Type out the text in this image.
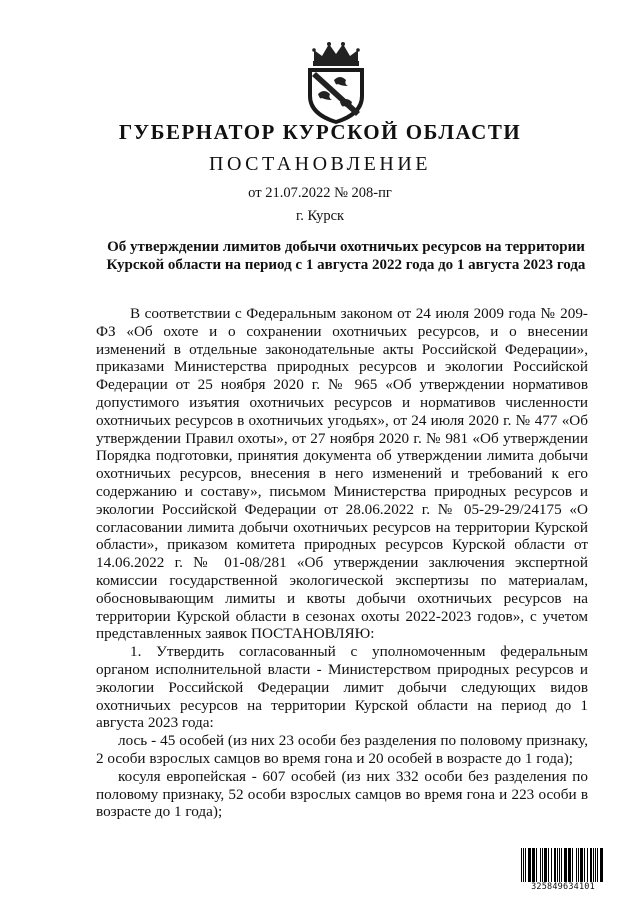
ГУБЕРНАТОР КУРСКОЙ ОБЛАСТИ
ПОСТАНОВЛЕНИЕ
от 21.07.2022 № 208-пг
г. Курск
Об утверждении лимитов добычи охотничьих ресурсов на территории Курской области на период с 1 августа 2022 года до 1 августа 2023 года

В соответствии с Федеральным законом от 24 июля 2009 года № 209-ФЗ «Об охоте и о сохранении охотничьих ресурсов, и о внесении изменений в отдельные законодательные акты Российской Федерации», приказами Министерства природных ресурсов и экологии Российской Федерации от 25 ноября 2020 г. № 965 «Об утверждении нормативов допустимого изъятия охотничьих ресурсов и нормативов численности охотничьих ресурсов в охотничьих угодьях», от 24 июля 2020 г. № 477 «Об утверждении Правил охоты», от 27 ноября 2020 г. № 981 «Об утверждении Порядка подготовки, принятия документа об утверждении лимита добычи охотничьих ресурсов, внесения в него изменений и требований к его содержанию и составу», письмом Министерства природных ресурсов и экологии Российской Федерации от 28.06.2022 г. № 05-29-29/24175 «О согласовании лимита добычи охотничьих ресурсов на территории Курской области», приказом комитета природных ресурсов Курской области от 14.06.2022 г. № 01-08/281 «Об утверждении заключения экспертной комиссии государственной экологической экспертизы по материалам, обосновывающим лимиты и квоты добычи охотничьих ресурсов на территории Курской области в сезонах охоты 2022-2023 годов», с учетом представленных заявок ПОСТАНОВЛЯЮ:

1. Утвердить согласованный с уполномоченным федеральным органом исполнительной власти - Министерством природных ресурсов и экологии Российской Федерации лимит добычи следующих видов охотничьих ресурсов на территории Курской области на период до 1 августа 2023 года:

лось - 45 особей (из них 23 особи без разделения по половому признаку, 2 особи взрослых самцов во время гона и 20 особей в возрасте до 1 года);

косуля европейская - 607 особей (из них 332 особи без разделения по половому признаку, 52 особи взрослых самцов во время гона и 223 особи в возрасте до 1 года);

325849634101
